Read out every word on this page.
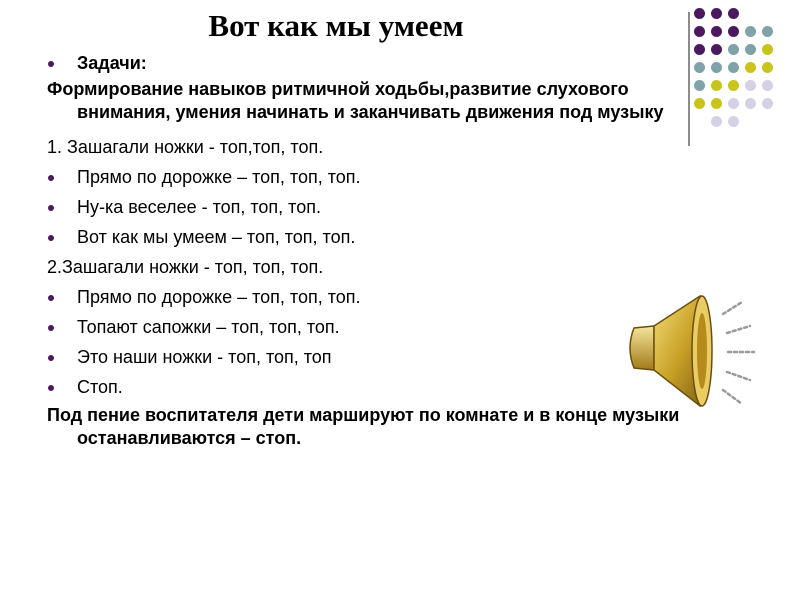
Вот как мы умеем
Задачи:
Формирование навыков ритмичной ходьбы,развитие слухового внимания, умения начинать и заканчивать движения под музыку
1. Зашагали ножки - топ,топ, топ.
Прямо по дорожке – топ, топ, топ.
Ну-ка веселее - топ, топ, топ.
Вот как мы умеем – топ, топ, топ.
2.Зашагали ножки - топ, топ, топ.
Прямо по дорожке – топ, топ, топ.
Топают сапожки – топ, топ, топ.
Это наши ножки - топ, топ, топ
Стоп.
Под пение воспитателя дети маршируют по комнате и в конце музыки останавливаются – стоп.
